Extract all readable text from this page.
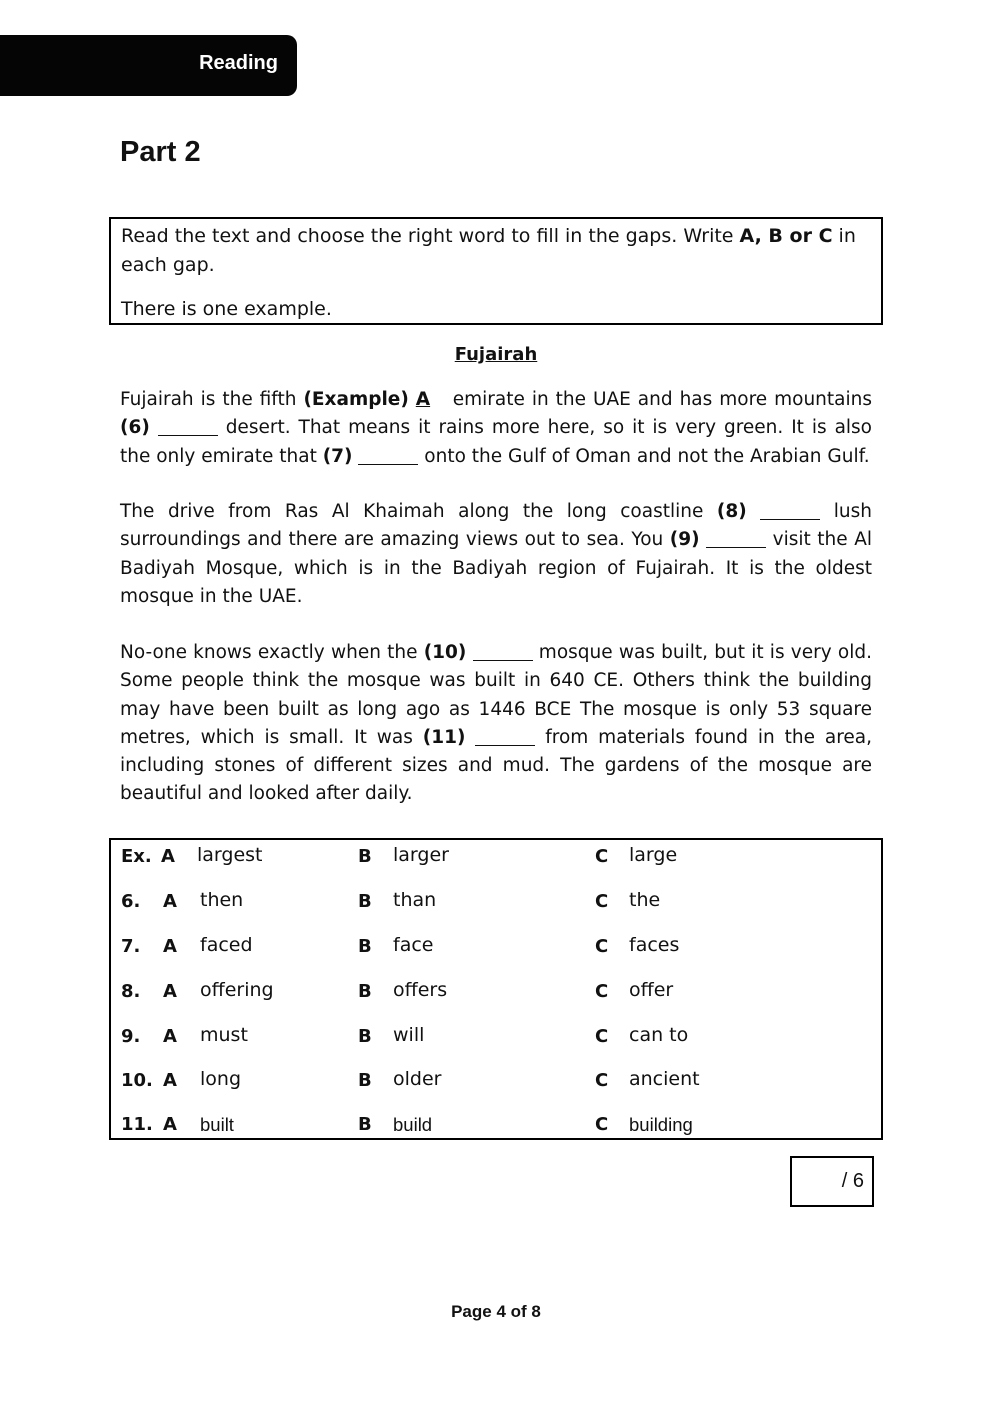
Reading
Part 2

Read the text and choose the right word to fill in the gaps. Write A, B or C in each gap.

There is one example.

Fujairah

Fujairah is the fifth (Example) A emirate in the UAE and has more mountains (6)	desert. That means it rains more here, so it is very green. It is also the only emirate that (7)	onto the Gulf of Oman and not the Arabian Gulf.

The drive from Ras Al Khaimah along the long coastline (8)	lush surroundings and there are amazing views out to sea. You (9)	visit the Al Badiyah Mosque, which is in the Badiyah region of Fujairah. It is the oldest mosque in the UAE.

No-one knows exactly when the (10)	mosque was built, but it is very old. Some people think the mosque was built in 640 CE. Others think the building may have been built as long ago as 1446 BCE The mosque is only 53 square metres, which is small. It was (11)	from materials found in the area, including stones of different sizes and mud. The gardens of the mosque are beautiful and looked after daily.

Ex. A largest	B larger	C large
6. A then	B than	C the
7. A faced	B face	C faces
8. A offering	B offers	C offer
9. A must	B will	C can to
10. A long	B older	C ancient
11. A built	B build	C building
/ 6
Page 4 of 8
